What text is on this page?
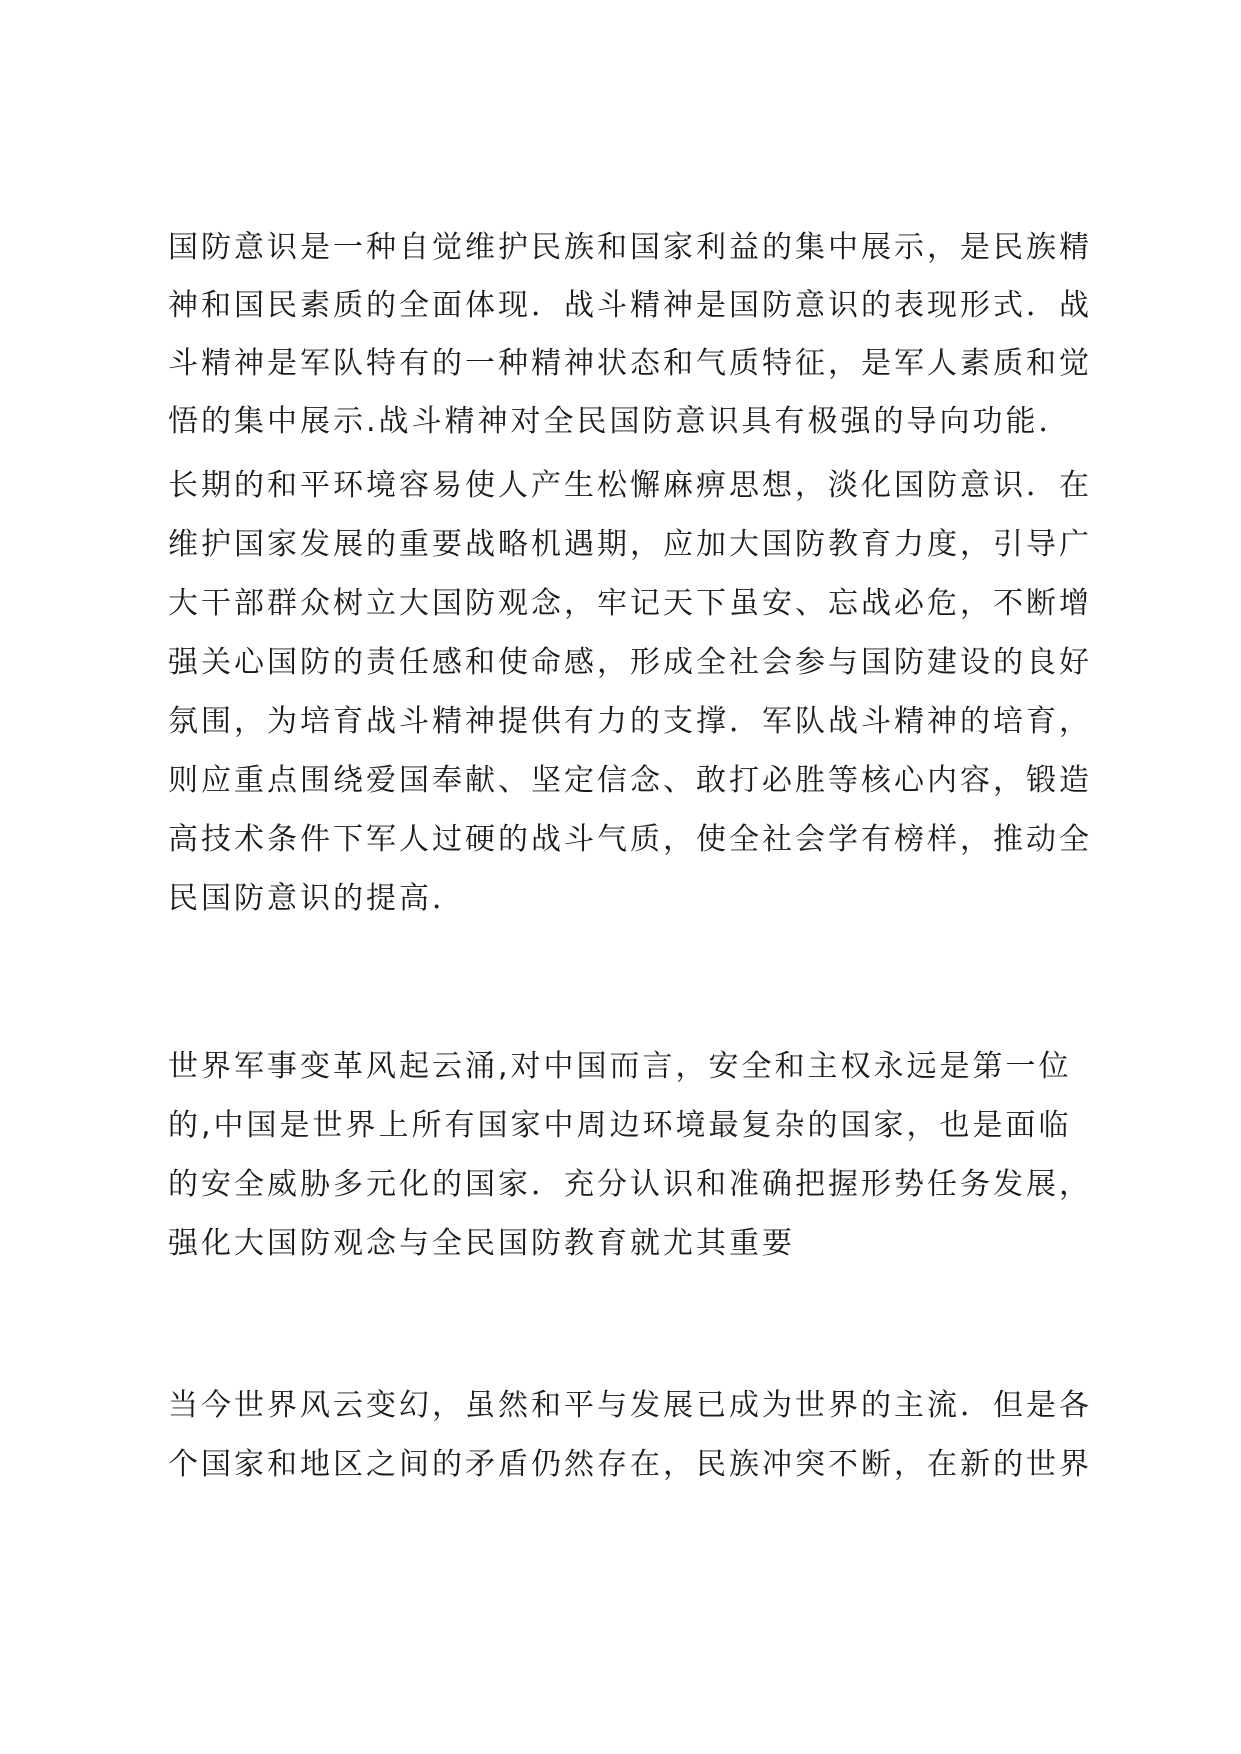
国防意识是一种自觉维护民族和国家利益的集中展示，是民族精
神和国民素质的全面体现．战斗精神是国防意识的表现形式．战
斗精神是军队特有的一种精神状态和气质特征，是军人素质和觉
悟的集中展示.战斗精神对全民国防意识具有极强的导向功能．
长期的和平环境容易使人产生松懈麻痹思想，淡化国防意识．在
维护国家发展的重要战略机遇期，应加大国防教育力度，引导广
大干部群众树立大国防观念，牢记天下虽安、忘战必危，不断增
强关心国防的责任感和使命感，形成全社会参与国防建设的良好
氛围，为培育战斗精神提供有力的支撑．军队战斗精神的培育，
则应重点围绕爱国奉献、坚定信念、敢打必胜等核心内容，锻造
高技术条件下军人过硬的战斗气质，使全社会学有榜样，推动全
民国防意识的提高．
世界军事变革风起云涌,对中国而言，安全和主权永远是第一位
的,中国是世界上所有国家中周边环境最复杂的国家，也是面临
的安全威胁多元化的国家．充分认识和准确把握形势任务发展，
强化大国防观念与全民国防教育就尤其重要
当今世界风云变幻，虽然和平与发展已成为世界的主流．但是各
个国家和地区之间的矛盾仍然存在，民族冲突不断，在新的世界
